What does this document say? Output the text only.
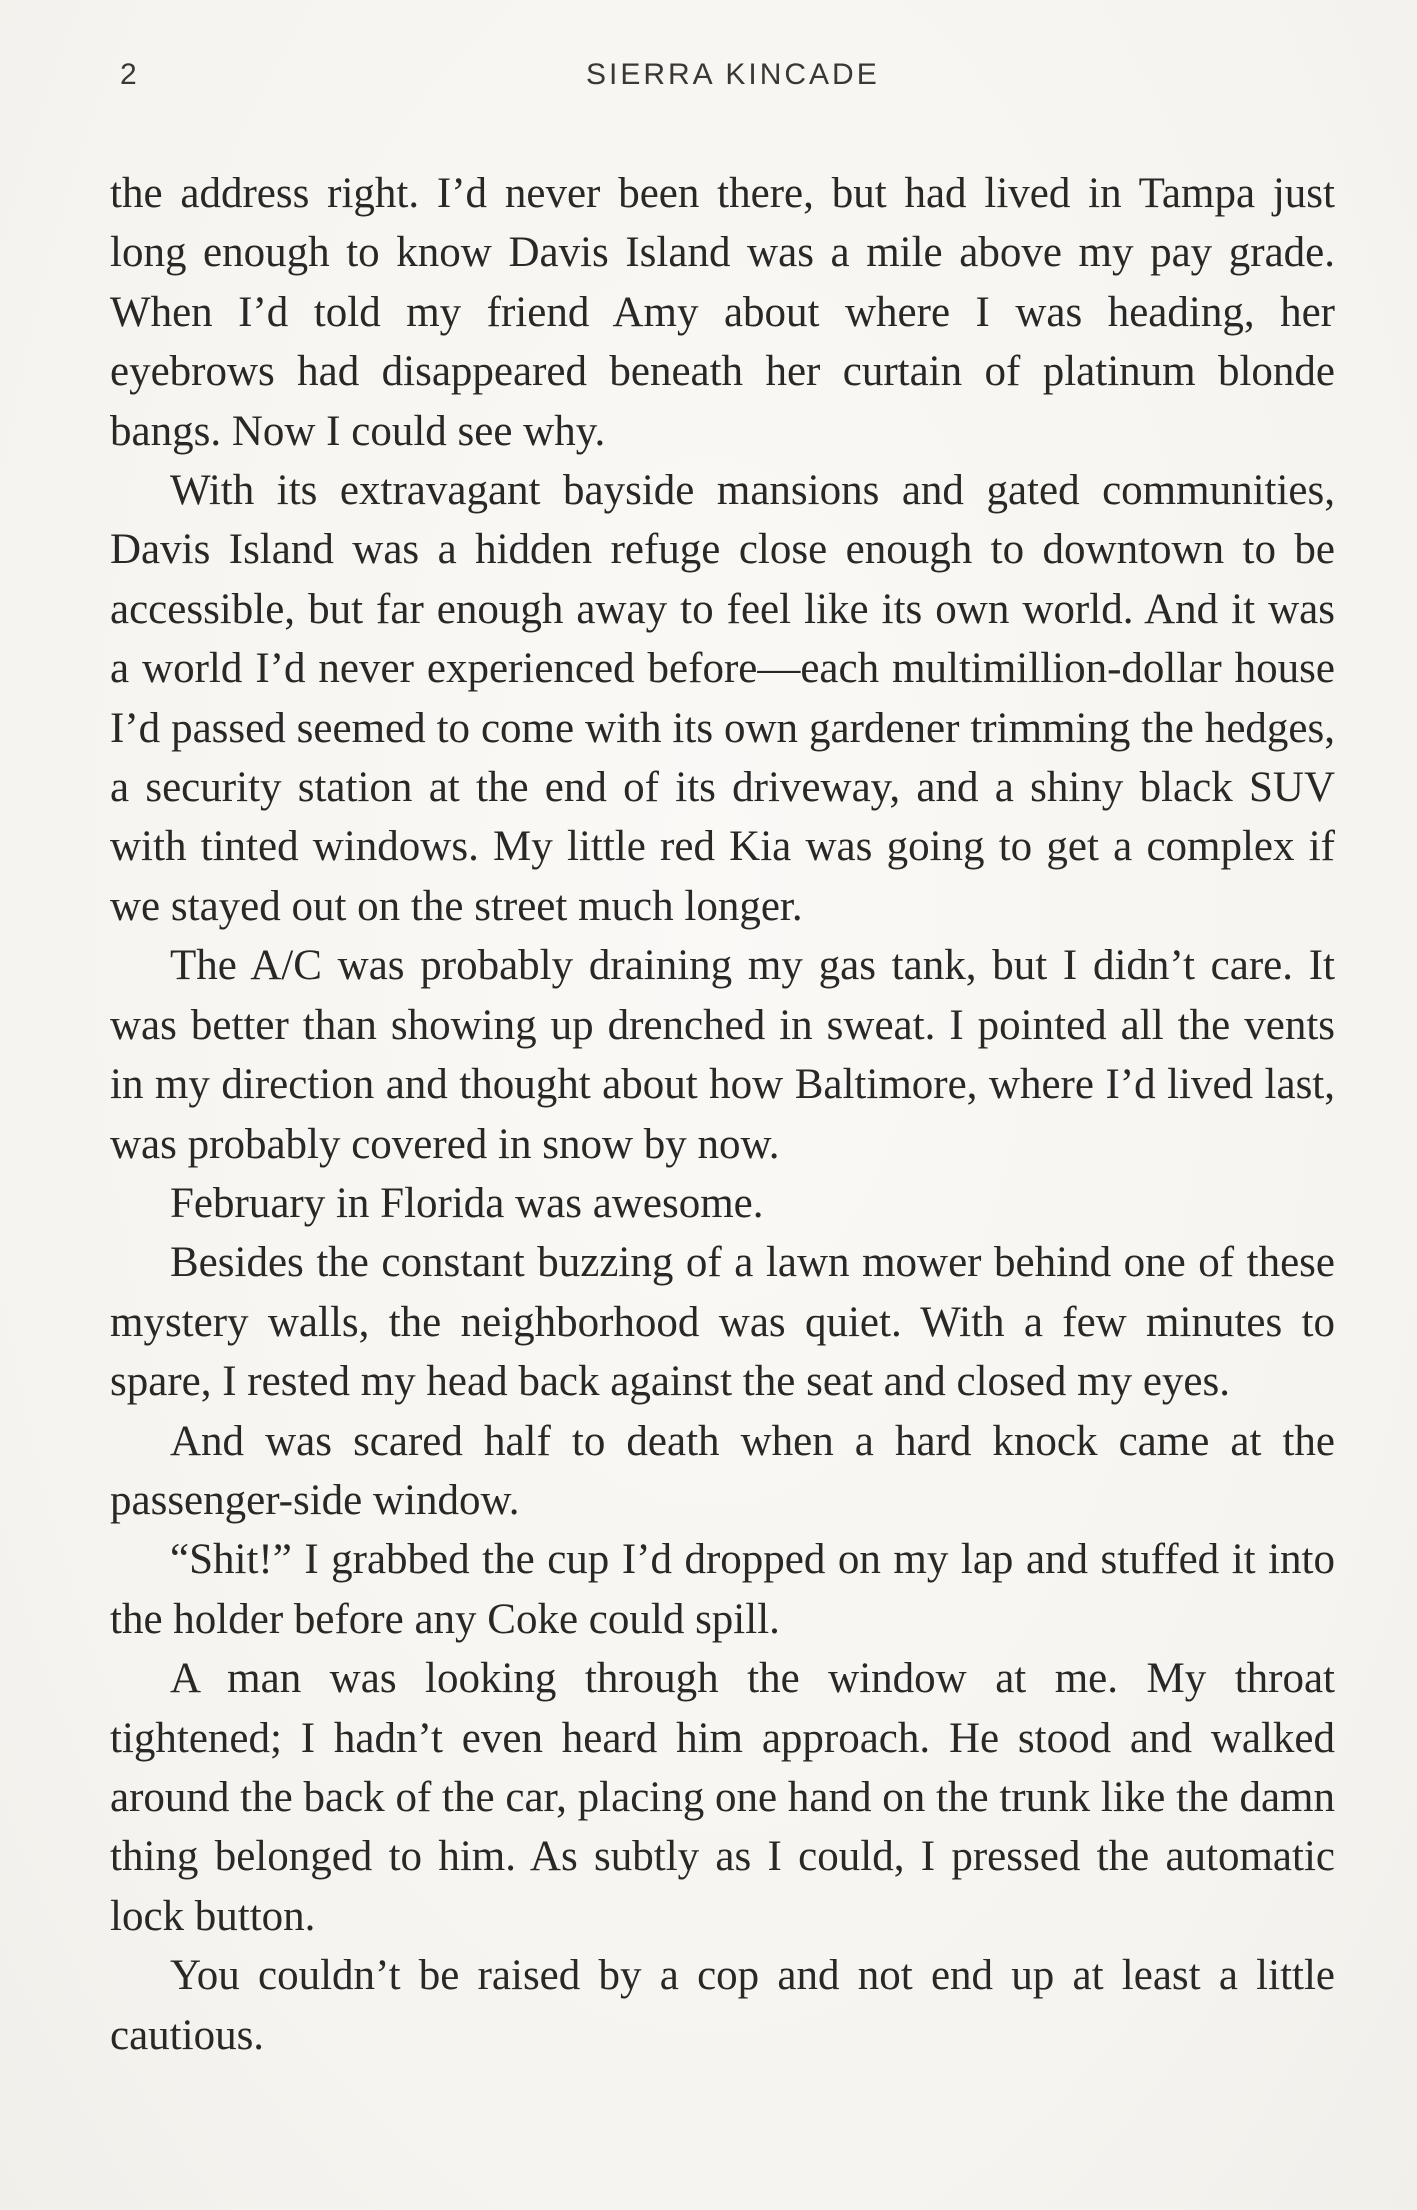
2	SIERRA KINCADE

the address right. I’d never been there, but had lived in Tampa just long enough to know Davis Island was a mile above my pay grade. When I’d told my friend Amy about where I was heading, her eyebrows had disappeared beneath her curtain of platinum blonde bangs. Now I could see why.

With its extravagant bayside mansions and gated communities, Davis Island was a hidden refuge close enough to downtown to be accessible, but far enough away to feel like its own world. And it was a world I’d never experienced before—each multimillion-dollar house I’d passed seemed to come with its own gardener trimming the hedges, a security station at the end of its driveway, and a shiny black SUV with tinted windows. My little red Kia was going to get a complex if we stayed out on the street much longer.

The A/C was probably draining my gas tank, but I didn’t care. It was better than showing up drenched in sweat. I pointed all the vents in my direction and thought about how Baltimore, where I’d lived last, was probably covered in snow by now.

February in Florida was awesome.

Besides the constant buzzing of a lawn mower behind one of these mystery walls, the neighborhood was quiet. With a few minutes to spare, I rested my head back against the seat and closed my eyes.

And was scared half to death when a hard knock came at the passenger-side window.

“Shit!” I grabbed the cup I’d dropped on my lap and stuffed it into the holder before any Coke could spill.

A man was looking through the window at me. My throat tightened; I hadn’t even heard him approach. He stood and walked around the back of the car, placing one hand on the trunk like the damn thing belonged to him. As subtly as I could, I pressed the automatic lock button.

You couldn’t be raised by a cop and not end up at least a little cautious.
